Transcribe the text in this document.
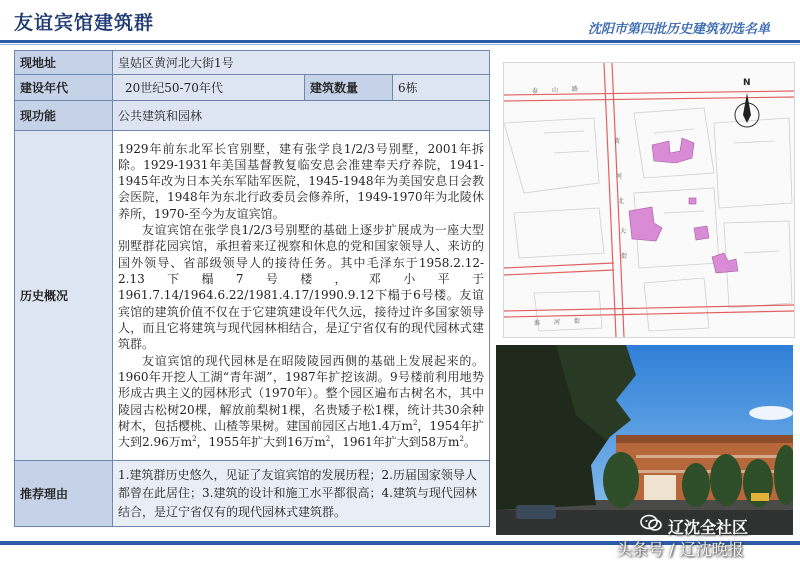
友谊宾馆建筑群	沈阳市第四批历史建筑初选名单
现地址	皇姑区黄河北大街1号		
建设年代	20世纪50-70年代	建筑数量	6栋
现功能	公共建筑和园林		
历史概况	1929年前东北军长官别墅，建有张学良1/2/3号别墅，2001年拆除。1929-1931年美国基督教复临安息会准建奉天疗养院，1941-1945年改为日本关东军陆军医院，1945-1948年为美国安息日会教会医院，1948年为东北行政委员会修养所，1949-1970年为北陵休养所，1970-至今为友谊宾馆。

友谊宾馆在张学良1/2/3号别墅的基础上逐步扩展成为一座大型别墅群花园宾馆，承担着来辽视察和休息的党和国家领导人、来访的国外领导、省部级领导人的接待任务。其中毛泽东于1958.2.12-2.13下榻7号楼，邓小平于1961.7.14/1964.6.22/1981.4.17/1990.9.12下榻于6号楼。友谊宾馆的建筑价值不仅在于它建筑建设年代久远，接待过许多国家领导人，而且它将建筑与现代园林相结合，是辽宁省仅有的现代园林式建筑群。

友谊宾馆的现代园林是在昭陵陵园西侧的基础上发展起来的。1960年开挖人工湖“青年湖”，1987年扩挖该湖。9号楼前利用地势形成古典主义的园林形式（1970年）。整个园区遍布古树名木，其中陵园古松树20棵，解放前梨树1棵，名贵矮子松1棵，统计共30余种树木，包括樱桃、山楂等果树。建国前园区占地1.4万$m^2$，1954年扩大到2.96万$m^2$，1955年扩大到16万$m^2$，1961年扩大到58万$m^2$。		

推荐理由	1.建筑群历史悠久，见证了友谊宾馆的发展历程；2.历届国家领导人都曾在此居住；3.建筑的设计和施工水平都很高；4.建筑与现代园林结合，是辽宁省仅有的现代园林式建筑群。		
N
泰 山 路
黄
河
北
大
街
淮 河 街
辽沈全社区
头条号 / 辽沈晚报
